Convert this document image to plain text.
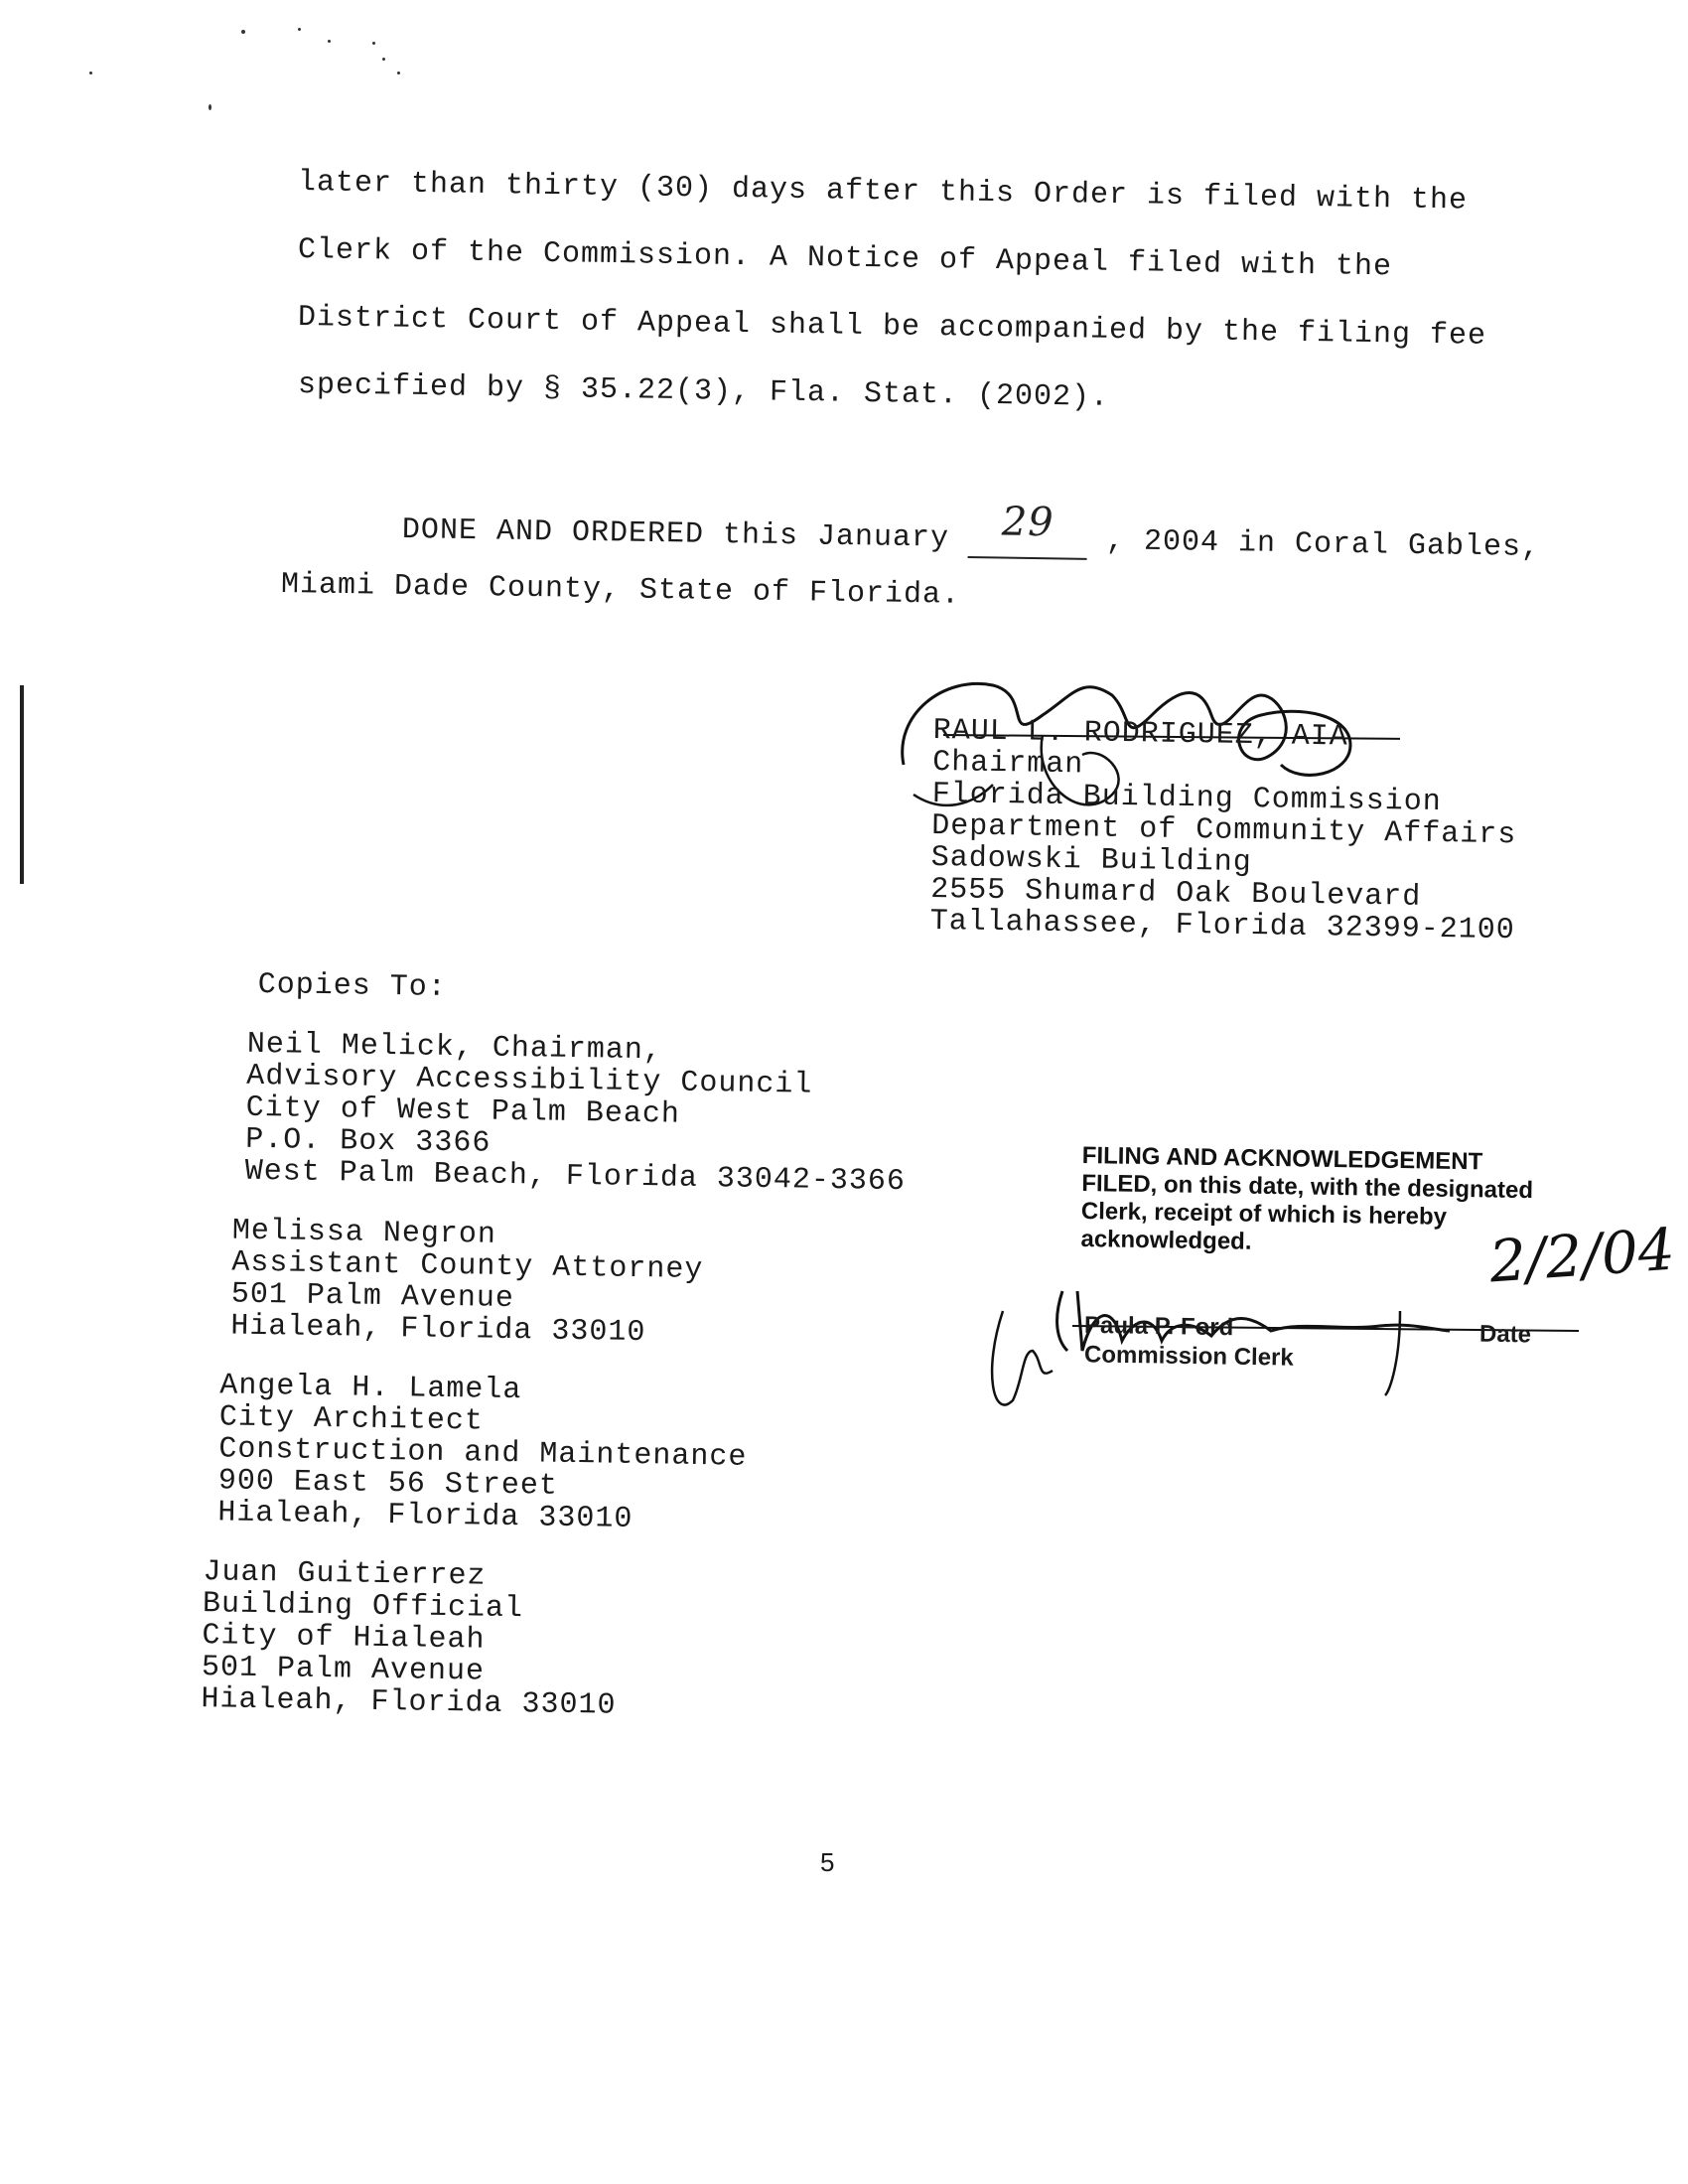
later than thirty (30) days after this Order is filed with the
Clerk of the Commission. A Notice of Appeal filed with the
District Court of Appeal shall be accompanied by the filing fee
specified by § 35.22(3), Fla. Stat. (2002).
DONE AND ORDERED this January 29 , 2004 in Coral Gables,
Miami Dade County, State of Florida.
RAUL L. RODRIGUEZ, AIA
Chairman
Florida Building Commission
Department of Community Affairs
Sadowski Building
2555 Shumard Oak Boulevard
Tallahassee, Florida 32399-2100
Copies To:
Neil Melick, Chairman,
Advisory Accessibility Council
City of West Palm Beach
P.O. Box 3366
West Palm Beach, Florida 33042-3366
Melissa Negron
Assistant County Attorney
501 Palm Avenue
Hialeah, Florida 33010
Angela H. Lamela
City Architect
Construction and Maintenance
900 East 56 Street
Hialeah, Florida 33010
Juan Guitierrez
Building Official
City of Hialeah
501 Palm Avenue
Hialeah, Florida 33010
FILING AND ACKNOWLEDGEMENT
FILED, on this date, with the designated
Clerk, receipt of which is hereby
acknowledged.	2/2/04
Paula P. Ford
Commission Clerk
Date
5
